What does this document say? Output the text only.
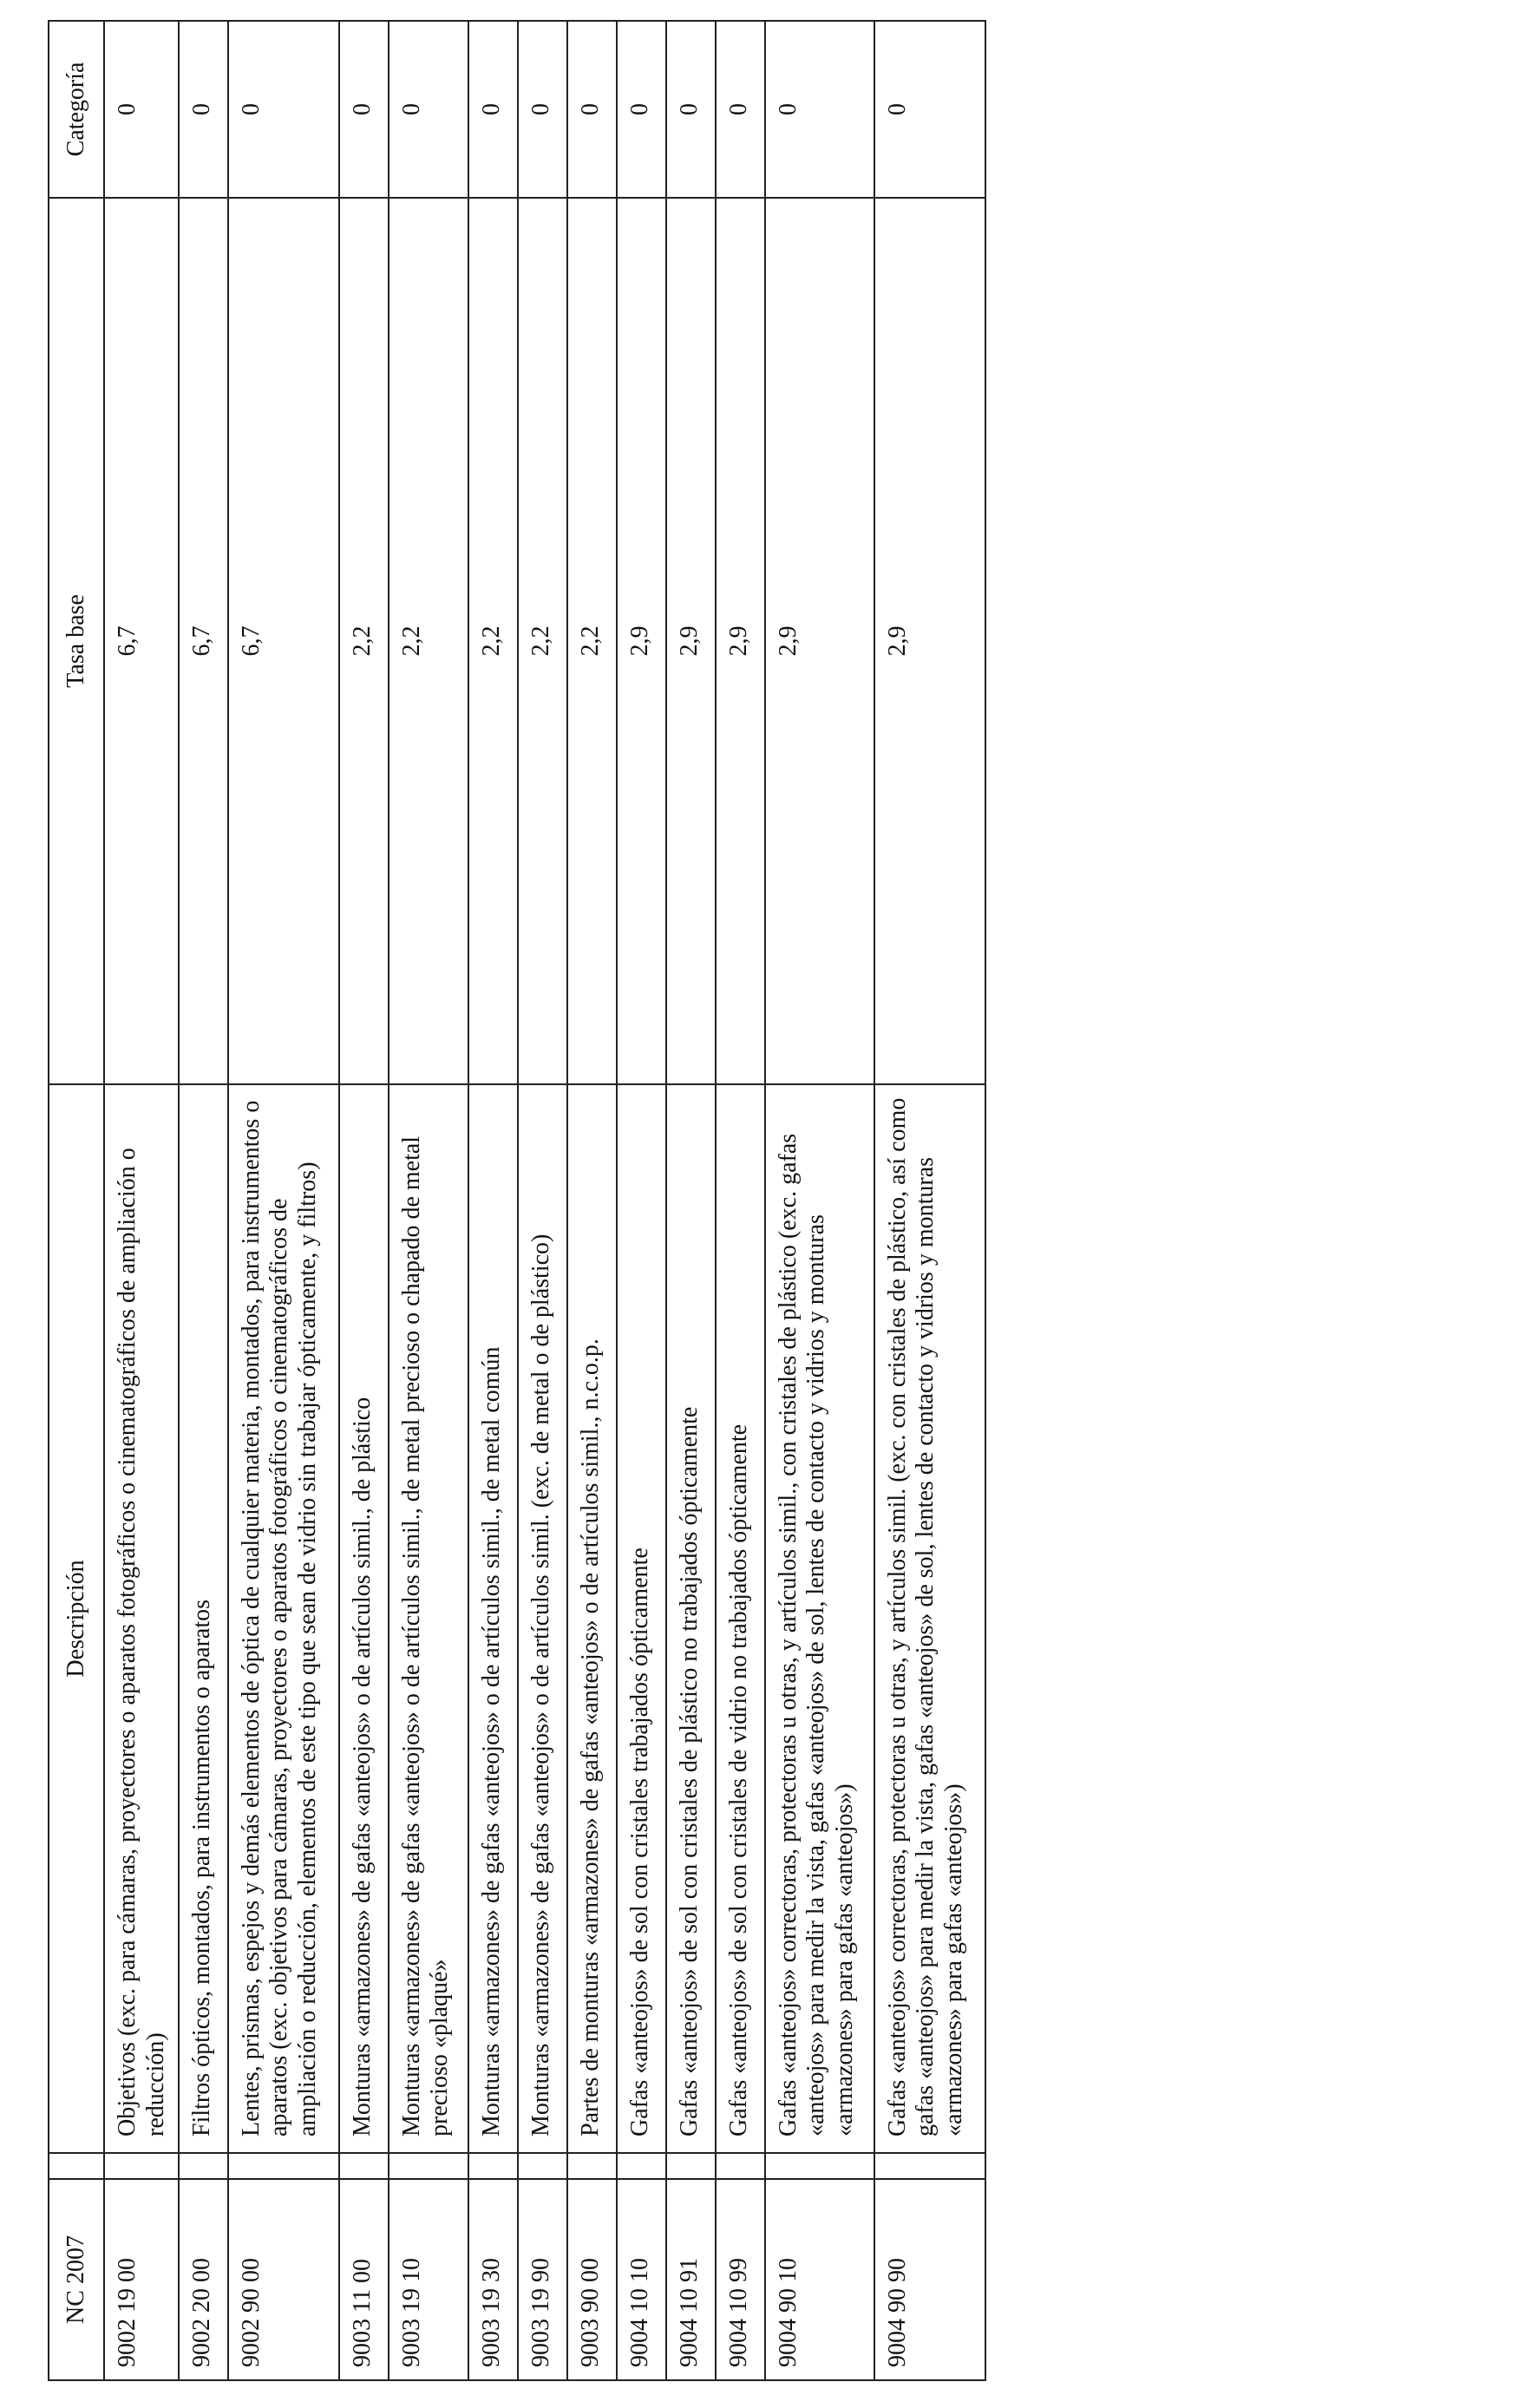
NC 2007		Descripción	Tasa base	Categoría
9002 19 00		Objetivos (exc. para cámaras, proyectores o aparatos fotográficos o cinematográficos de ampliación o reducción)	6,7	0
9002 20 00		Filtros ópticos, montados, para instrumentos o aparatos	6,7	0
9002 90 00		Lentes, prismas, espejos y demás elementos de óptica de cualquier materia, montados, para instrumentos o aparatos (exc. objetivos para cámaras, proyectores o aparatos fotográficos o cinematográficos de ampliación o reducción, elementos de este tipo que sean de vidrio sin trabajar ópticamente, y filtros)	6,7	0
9003 11 00		Monturas «armazones» de gafas «anteojos» o de artículos simil., de plástico	2,2	0
9003 19 10		Monturas «armazones» de gafas «anteojos» o de artículos simil., de metal precioso o chapado de metal precioso «plaqué»	2,2	0
9003 19 30		Monturas «armazones» de gafas «anteojos» o de artículos simil., de metal común	2,2	0
9003 19 90		Monturas «armazones» de gafas «anteojos» o de artículos simil. (exc. de metal o de plástico)	2,2	0
9003 90 00		Partes de monturas «armazones» de gafas «anteojos» o de artículos simil., n.c.o.p.	2,2	0
9004 10 10		Gafas «anteojos» de sol con cristales trabajados ópticamente	2,9	0
9004 10 91		Gafas «anteojos» de sol con cristales de plástico no trabajados ópticamente	2,9	0
9004 10 99		Gafas «anteojos» de sol con cristales de vidrio no trabajados ópticamente	2,9	0
9004 90 10		Gafas «anteojos» correctoras, protectoras u otras, y artículos simil., con cristales de plástico (exc. gafas «anteojos» para medir la vista, gafas «anteojos» de sol, lentes de contacto y vidrios y monturas «armazones» para gafas «anteojos»)	2,9	0
9004 90 90		Gafas «anteojos» correctoras, protectoras u otras, y artículos simil. (exc. con cristales de plástico, así como gafas «anteojos» para medir la vista, gafas «anteojos» de sol, lentes de contacto y vidrios y monturas «armazones» para gafas «anteojos»)	2,9	0
